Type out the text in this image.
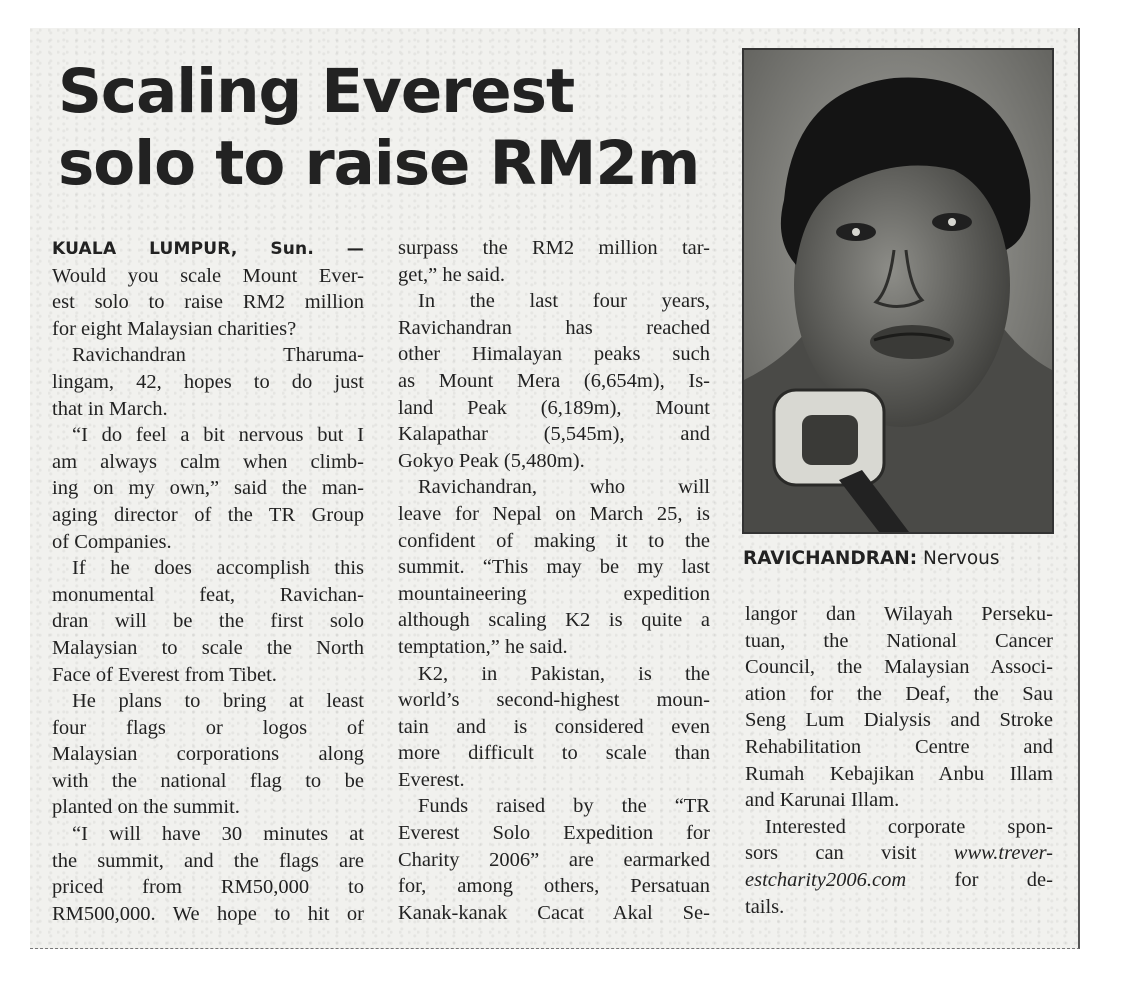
Scaling Everest
solo to raise RM2m

KUALA LUMPUR, Sun. —

Would you scale Mount Ever-

est solo to raise RM2 million

for eight Malaysian charities?

Ravichandran Tharuma-

lingam, 42, hopes to do just

that in March.

“I do feel a bit nervous but I

am always calm when climb-

ing on my own,” said the man-

aging director of the TR Group

of Companies.

If he does accomplish this

monumental feat, Ravichan-

dran will be the first solo

Malaysian to scale the North

Face of Everest from Tibet.

He plans to bring at least

four flags or logos of

Malaysian corporations along

with the national flag to be

planted on the summit.

“I will have 30 minutes at

the summit, and the flags are

priced from RM50,000 to

RM500,000. We hope to hit or

surpass the RM2 million tar-

get,” he said.

In the last four years,

Ravichandran has reached

other Himalayan peaks such

as Mount Mera (6,654m), Is-

land Peak (6,189m), Mount

Kalapathar (5,545m), and

Gokyo Peak (5,480m).

Ravichandran, who will

leave for Nepal on March 25, is

confident of making it to the

summit. “This may be my last

mountaineering expedition

although scaling K2 is quite a

temptation,” he said.

K2, in Pakistan, is the

world’s second-highest moun-

tain and is considered even

more difficult to scale than

Everest.

Funds raised by the “TR

Everest Solo Expedition for

Charity 2006” are earmarked

for, among others, Persatuan

Kanak-kanak Cacat Akal Se-

langor dan Wilayah Perseku-

tuan, the National Cancer

Council, the Malaysian Associ-

ation for the Deaf, the Sau

Seng Lum Dialysis and Stroke

Rehabilitation Centre and

Rumah Kebajikan Anbu Illam

and Karunai Illam.

Interested corporate spon-

sors can visit www.trever-

estcharity2006.com for de-

tails.

RAVICHANDRAN: Nervous
